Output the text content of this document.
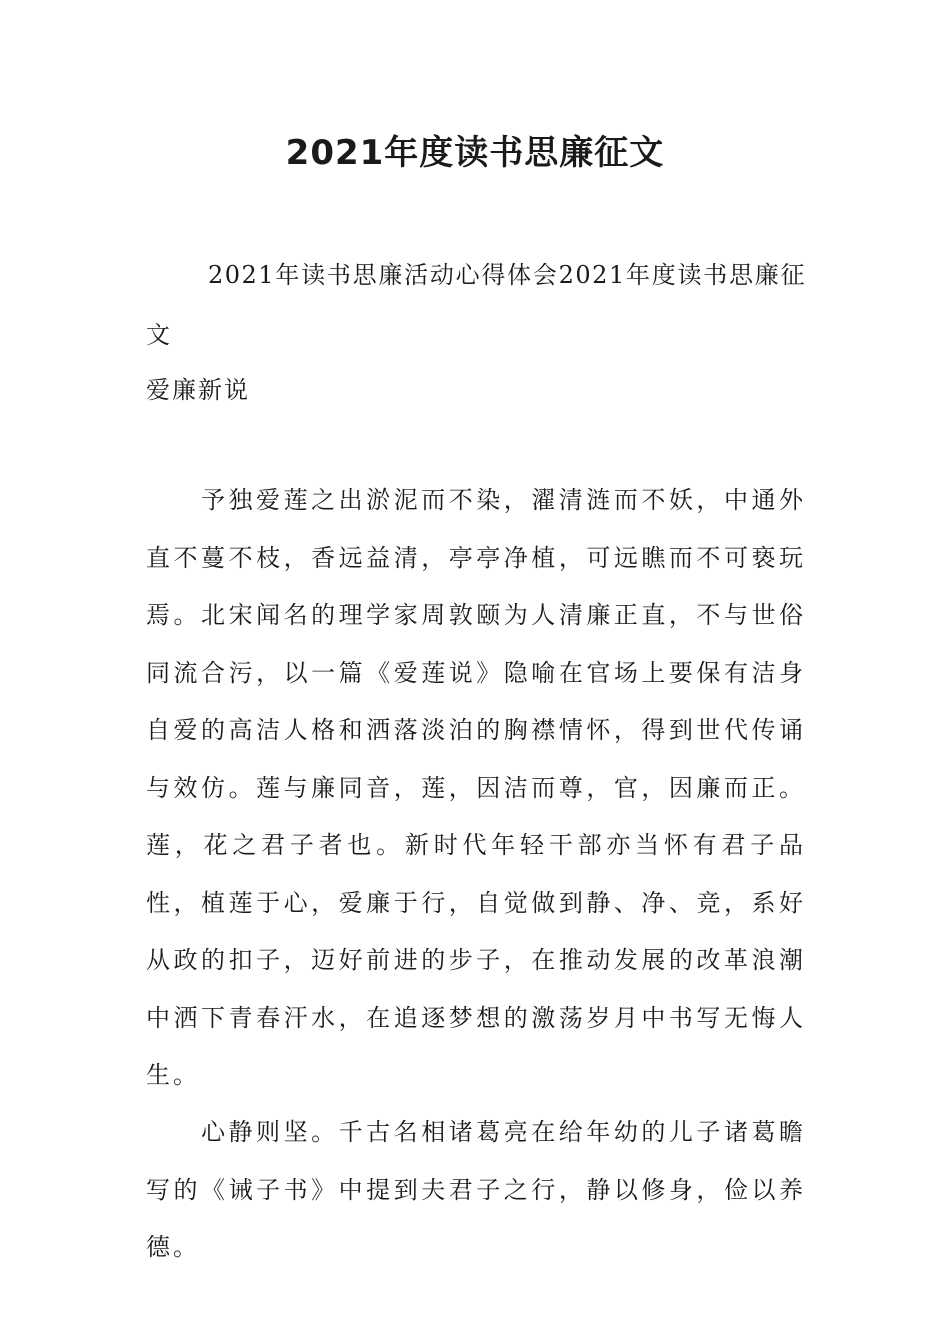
2021年度读书思廉征文

2021年读书思廉活动心得体会2021年度读书思廉征文

爱廉新说

予独爱莲之出淤泥而不染，濯清涟而不妖，中通外直不蔓不枝，香远益清，亭亭净植，可远瞧而不可亵玩焉。北宋闻名的理学家周敦颐为人清廉正直，不与世俗同流合污，以一篇《爱莲说》隐喻在官场上要保有洁身自爱的高洁人格和洒落淡泊的胸襟情怀，得到世代传诵与效仿。莲与廉同音，莲，因洁而尊，官，因廉而正。莲，花之君子者也。新时代年轻干部亦当怀有君子品性，植莲于心，爱廉于行，自觉做到静、净、竞，系好从政的扣子，迈好前进的步子，在推动发展的改革浪潮中洒下青春汗水，在追逐梦想的激荡岁月中书写无悔人生。

心静则坚。千古名相诸葛亮在给年幼的儿子诸葛瞻写的《诫子书》中提到夫君子之行，静以修身，俭以养德。
